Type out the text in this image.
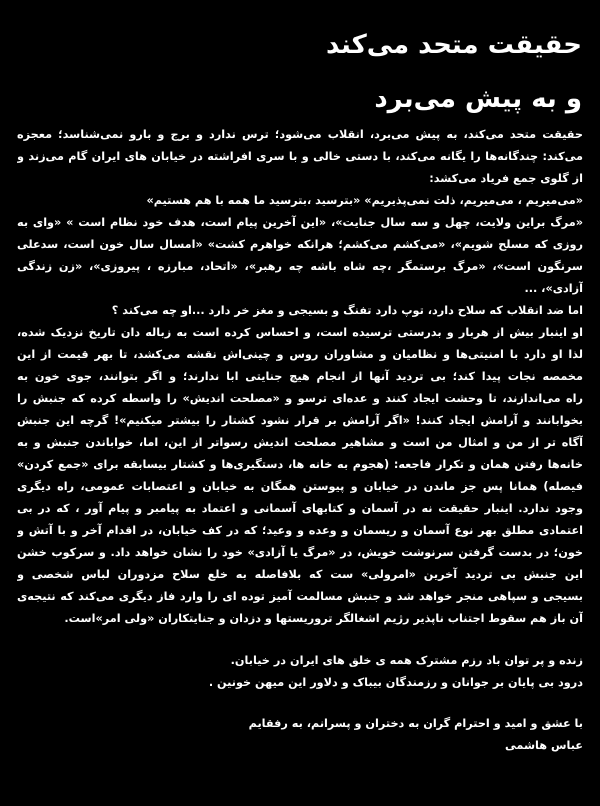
حقیقت متحد می‌کند
و به پیش می‌برد
حقیقت متحد می‌کند، به پیش می‌برد، انقلاب می‌شود؛ ترس ندارد و برج و بارو نمی‌شناسد؛ معجزه
می‌کند: چندگانه‌ها را یگانه می‌کند، با دستی خالی و با سری افراشته در خیابان های ایران گام می‌زند و
از گلوی جمع فریاد می‌کشد:
«می‌میریم ، می‌میریم، ذلت نمی‌پذیریم» «بترسید ،بترسید ما همه با هم هستیم»
«مرگ براین ولایت، چهل و سه سال جنایت»، «این آخرین پیام است، هدف خود نظام است » «وای به
روزی که مسلح شویم»، «می‌کشم می‌کشم؛ هرانکه خواهرم کشت» «امسال سال خون است، سدعلی
سرنگون است»، «مرگ برستمگر ،چه شاه باشه چه رهبر»، «اتحاد، مبارزه ، پیروزی»، «زن زندگی
آزادی»، ...
اما ضد انقلاب که سلاح دارد، توپ دارد تفنگ و بسیجی و مغز خر دارد ...او چه می‌کند ؟
او اینبار بیش از هربار و بدرستی ترسیده است، و احساس کرده است به زباله دان تاریخ نزدیک شده،
لذا او دارد با امنیتی‌ها و نظامیان و مشاوران روس و چینی‌اش نقشه می‌کشد، تا بهر قیمت از این
مخمصه نجات پیدا کند؛ بی تردید آنها از انجام هیچ جنایتی ابا ندارند؛ و اگر بتوانند، جوی خون به
راه می‌اندازند، تا وحشت ایجاد کنند و عده‌ای ترسو و «مصلحت اندیش» را واسطه کرده که جنبش را
بخوابانند و آرامش ایجاد کنند! «اگر آرامش بر قرار نشود کشتار را بیشتر میکنیم»! گرچه این جنبش
آگاه تر از من و امثال من است و مشاهیر مصلحت اندیش رسواتر از این، اما، خواباندن جنبش و به
خانه‌ها رفتن همان و تکرار فاجعه: (هجوم به خانه ها، دستگیری‌ها و کشتار بیسابقه برای «جمع کردن»
فیصله) همانا پس جز ماندن در خیابان و پیوستن همگان به خیابان و اعتصابات عمومی، راه دیگری
وجود ندارد. اینبار حقیقت نه در آسمان و کتابهای آسمانی و اعتماد به پیامبر و پیام آور ، که در بی
اعتمادی مطلق بهر نوع آسمان و ریسمان و وعده و وعید؛ که در کف خیابان، در اقدام آخر و با آتش و
خون؛ در بدست گرفتن سرنوشت خویش، در «مرگ یا آزادی» خود را نشان خواهد داد. و سرکوب خشن
این جنبش بی تردید آخرین «امرولی» ست که بلافاصله به خلع سلاح مزدوران لباس شخصی و
بسیجی و سپاهی منجر خواهد شد و جنبش مسالمت آمیز توده ای را وارد فاز دیگری می‌کند که نتیجه‌ی
آن باز هم سقوط اجتناب ناپذیر رژیم اشغالگر تروریستها و دزدان و جنایتکاران «ولی امر»است.
زنده و پر توان باد رزم مشترک همه ی خلق های ایران در خیابان.
درود بی پایان بر جوانان و رزمندگان بیباک و دلاور این میهن خونین .
با عشق و امید و احترام گران به دختران و پسرانم، به رفقایم
عباس هاشمی
